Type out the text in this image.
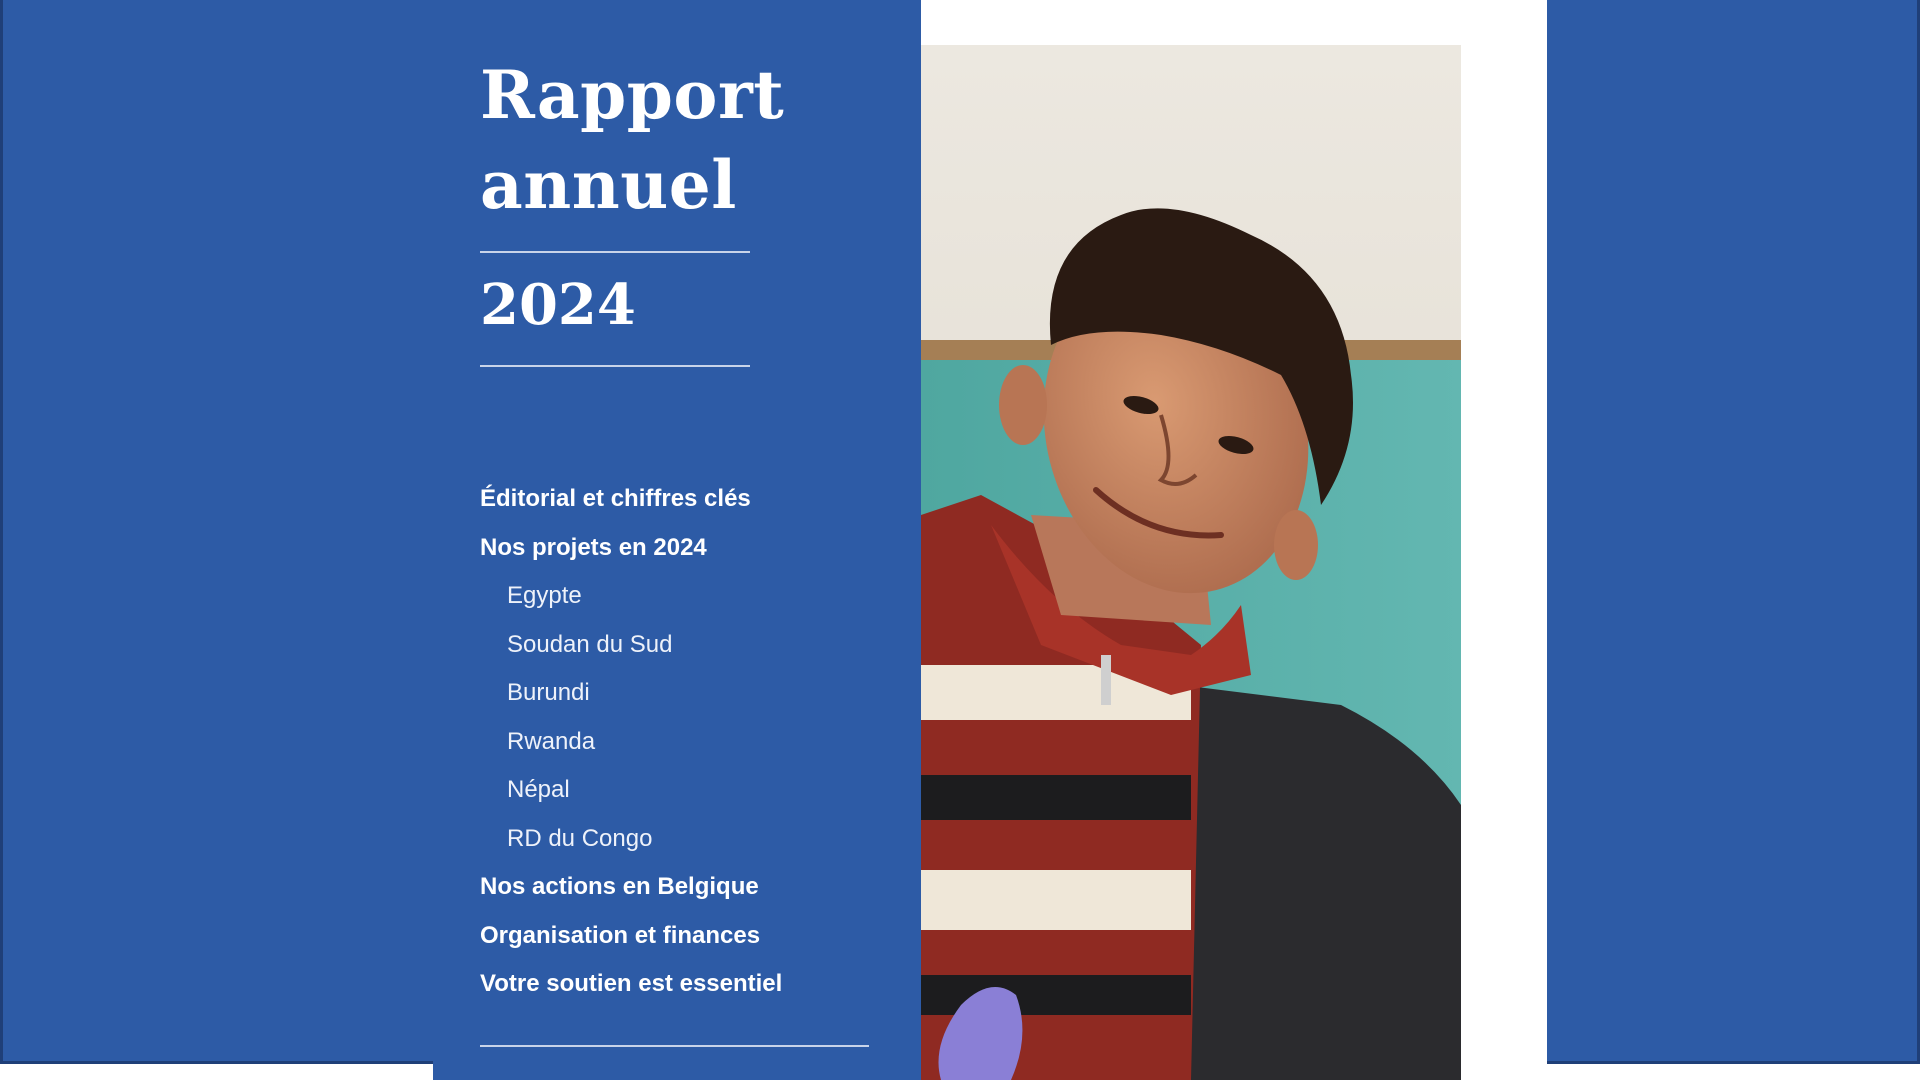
Rapport
annuel
2024
Éditorial et chiffres clés
Nos projets en 2024
Egypte
Soudan du Sud
Burundi
Rwanda
Népal
RD du Congo
Nos actions en Belgique
Organisation et finances
Votre soutien est essentiel
